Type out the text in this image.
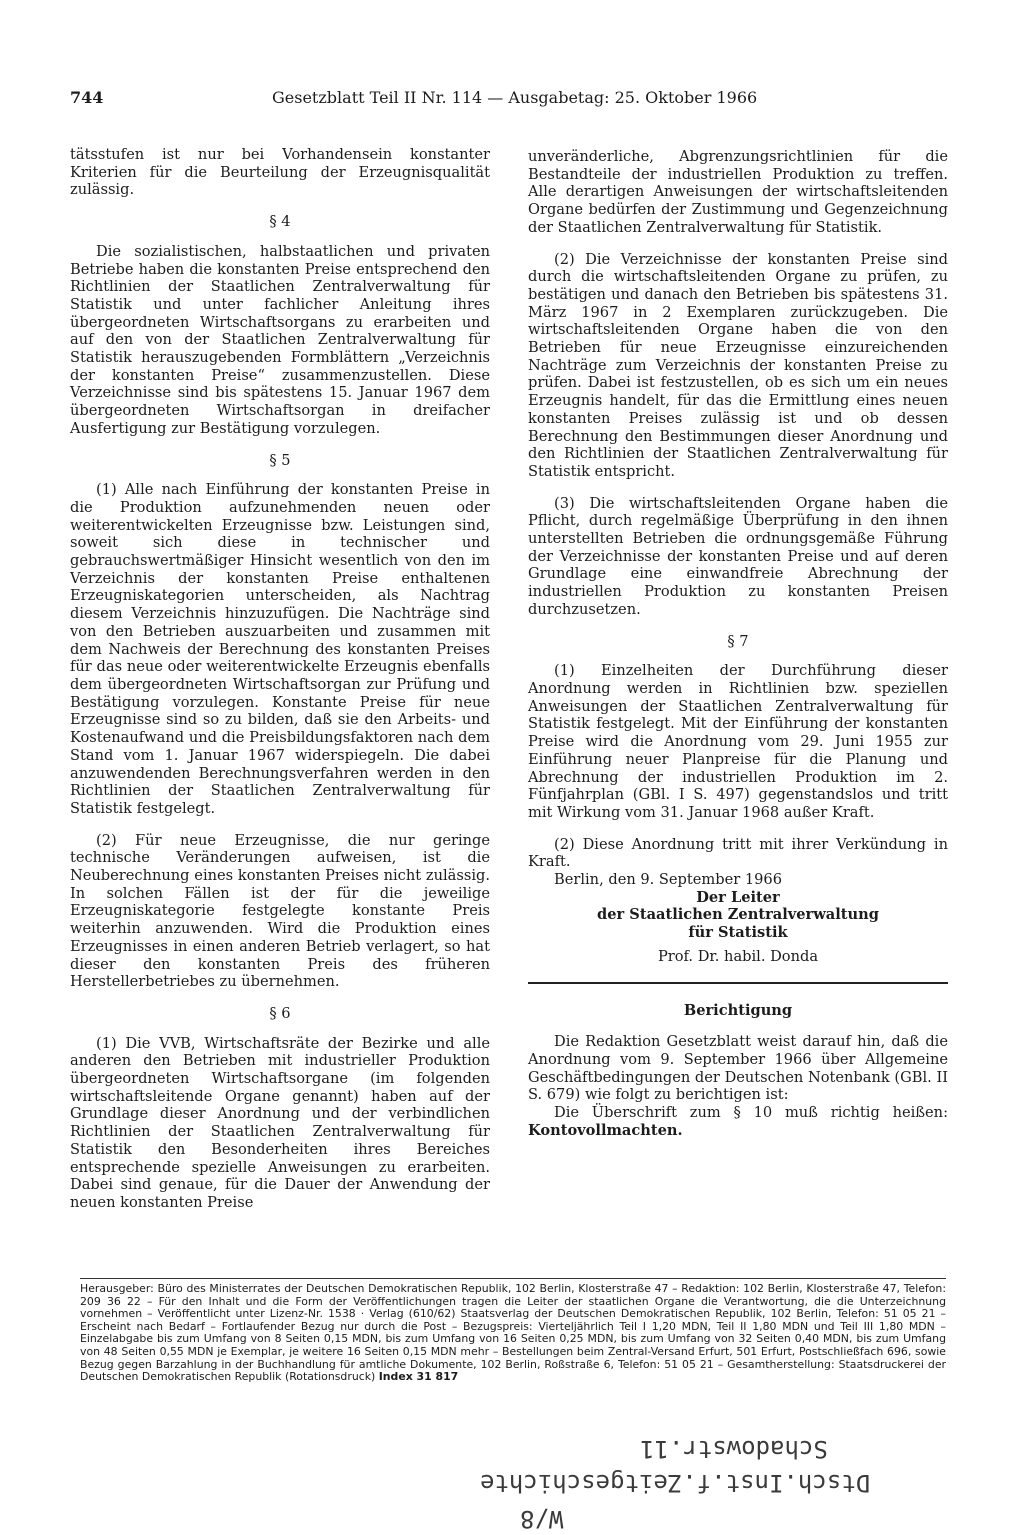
744	Gesetzblatt Teil II Nr. 114 — Ausgabetag: 25. Oktober 1966

tätsstufen ist nur bei Vorhandensein konstanter Kriterien für die Beurteilung der Erzeugnisqualität zulässig.

§ 4

Die sozialistischen, halbstaatlichen und privaten Betriebe haben die konstanten Preise entsprechend den Richtlinien der Staatlichen Zentralverwaltung für Statistik und unter fachlicher Anleitung ihres übergeordneten Wirtschaftsorgans zu erarbeiten und auf den von der Staatlichen Zentralverwaltung für Statistik herauszugebenden Formblättern „Verzeichnis der konstanten Preise“ zusammenzustellen. Diese Verzeichnisse sind bis spätestens 15. Januar 1967 dem übergeordneten Wirtschaftsorgan in dreifacher Ausfertigung zur Bestätigung vorzulegen.

§ 5

(1) Alle nach Einführung der konstanten Preise in die Produktion aufzunehmenden neuen oder weiterentwickelten Erzeugnisse bzw. Leistungen sind, soweit sich diese in technischer und gebrauchswertmäßiger Hinsicht wesentlich von den im Verzeichnis der konstanten Preise enthaltenen Erzeugniskategorien unterscheiden, als Nachtrag diesem Verzeichnis hinzuzufügen. Die Nachträge sind von den Betrieben auszuarbeiten und zusammen mit dem Nachweis der Berechnung des konstanten Preises für das neue oder weiterentwickelte Erzeugnis ebenfalls dem übergeordneten Wirtschaftsorgan zur Prüfung und Bestätigung vorzulegen. Konstante Preise für neue Erzeugnisse sind so zu bilden, daß sie den Arbeits- und Kostenaufwand und die Preisbildungsfaktoren nach dem Stand vom 1. Januar 1967 widerspiegeln. Die dabei anzuwendenden Berechnungsverfahren werden in den Richtlinien der Staatlichen Zentralverwaltung für Statistik festgelegt.

(2) Für neue Erzeugnisse, die nur geringe technische Veränderungen aufweisen, ist die Neuberechnung eines konstanten Preises nicht zulässig. In solchen Fällen ist der für die jeweilige Erzeugniskategorie festgelegte konstante Preis weiterhin anzuwenden. Wird die Produktion eines Erzeugnisses in einen anderen Betrieb verlagert, so hat dieser den konstanten Preis des früheren Herstellerbetriebes zu übernehmen.

§ 6

(1) Die VVB, Wirtschaftsräte der Bezirke und alle anderen den Betrieben mit industrieller Produktion übergeordneten Wirtschaftsorgane (im folgenden wirtschaftsleitende Organe genannt) haben auf der Grundlage dieser Anordnung und der verbindlichen Richtlinien der Staatlichen Zentralverwaltung für Statistik den Besonderheiten ihres Bereiches entsprechende spezielle Anweisungen zu erarbeiten. Dabei sind genaue, für die Dauer der Anwendung der neuen konstanten Preise

unveränderliche, Abgrenzungsrichtlinien für die Bestandteile der industriellen Produktion zu treffen. Alle derartigen Anweisungen der wirtschaftsleitenden Organe bedürfen der Zustimmung und Gegenzeichnung der Staatlichen Zentralverwaltung für Statistik.

(2) Die Verzeichnisse der konstanten Preise sind durch die wirtschaftsleitenden Organe zu prüfen, zu bestätigen und danach den Betrieben bis spätestens 31. März 1967 in 2 Exemplaren zurückzugeben. Die wirtschaftsleitenden Organe haben die von den Betrieben für neue Erzeugnisse einzureichenden Nachträge zum Verzeichnis der konstanten Preise zu prüfen. Dabei ist festzustellen, ob es sich um ein neues Erzeugnis handelt, für das die Ermittlung eines neuen konstanten Preises zulässig ist und ob dessen Berechnung den Bestimmungen dieser Anordnung und den Richtlinien der Staatlichen Zentralverwaltung für Statistik entspricht.

(3) Die wirtschaftsleitenden Organe haben die Pflicht, durch regelmäßige Überprüfung in den ihnen unterstellten Betrieben die ordnungsgemäße Führung der Verzeichnisse der konstanten Preise und auf deren Grundlage eine einwandfreie Abrechnung der industriellen Produktion zu konstanten Preisen durchzusetzen.

§ 7

(1) Einzelheiten der Durchführung dieser Anordnung werden in Richtlinien bzw. speziellen Anweisungen der Staatlichen Zentralverwaltung für Statistik festgelegt. Mit der Einführung der konstanten Preise wird die Anordnung vom 29. Juni 1955 zur Einführung neuer Planpreise für die Planung und Abrechnung der industriellen Produktion im 2. Fünfjahrplan (GBl. I S. 497) gegenstandslos und tritt mit Wirkung vom 31. Januar 1968 außer Kraft.

(2) Diese Anordnung tritt mit ihrer Verkündung in Kraft.

Berlin, den 9. September 1966

Der Leiter
der Staatlichen Zentralverwaltung
für Statistik
Prof. Dr. habil. Donda
Berichtigung

Die Redaktion Gesetzblatt weist darauf hin, daß die Anordnung vom 9. September 1966 über Allgemeine Geschäftbedingungen der Deutschen Notenbank (GBl. II S. 679) wie folgt zu berichtigen ist:

Die Überschrift zum § 10 muß richtig heißen: Kontovollmachten.

Herausgeber: Büro des Ministerrates der Deutschen Demokratischen Republik, 102 Berlin, Klosterstraße 47 – Redaktion: 102 Berlin, Klosterstraße 47, Telefon: 209 36 22 – Für den Inhalt und die Form der Veröffentlichungen tragen die Leiter der staatlichen Organe die Verantwortung, die die Unterzeichnung vornehmen – Veröffentlicht unter Lizenz-Nr. 1538 · Verlag (610/62) Staatsverlag der Deutschen Demokratischen Republik, 102 Berlin, Telefon: 51 05 21 – Erscheint nach Bedarf – Fortlaufender Bezug nur durch die Post – Bezugspreis: Vierteljährlich Teil I 1,20 MDN, Teil II 1,80 MDN und Teil III 1,80 MDN – Einzelabgabe bis zum Umfang von 8 Seiten 0,15 MDN, bis zum Umfang von 16 Seiten 0,25 MDN, bis zum Umfang von 32 Seiten 0,40 MDN, bis zum Umfang von 48 Seiten 0,55 MDN je Exemplar, je weitere 16 Seiten 0,15 MDN mehr – Bestellungen beim Zentral-Versand Erfurt, 501 Erfurt, Postschließfach 696, sowie Bezug gegen Barzahlung in der Buchhandlung für amtliche Dokumente, 102 Berlin, Roßstraße 6, Telefon: 51 05 21 – Gesamtherstellung: Staatsdruckerei der Deutschen Demokratischen Republik (Rotationsdruck) Index 31 817
Schadowstr.11
Dtsch.Inst.f.Zeitgeschichte
W/8
